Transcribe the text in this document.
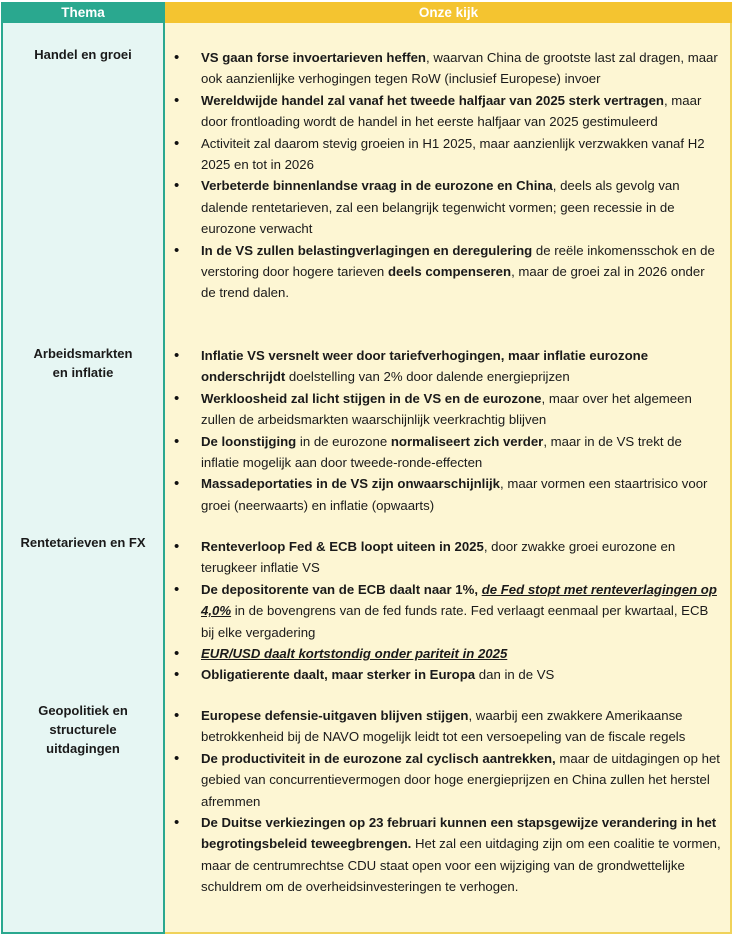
Thema	Onze kijk
Handel en groei
Arbeidsmarkten en inflatie
Rentetarieven en FX
Geopolitiek en structurele uitdagingen
• VS gaan forse invoertarieven heffen, waarvan China de grootste last zal dragen, maar ook aanzienlijke verhogingen tegen RoW (inclusief Europese) invoer
• Wereldwijde handel zal vanaf het tweede halfjaar van 2025 sterk vertragen, maar door frontloading wordt de handel in het eerste halfjaar van 2025 gestimuleerd
• Activiteit zal daarom stevig groeien in H1 2025, maar aanzienlijk verzwakken vanaf H2 2025 en tot in 2026
• Verbeterde binnenlandse vraag in de eurozone en China, deels als gevolg van dalende rentetarieven, zal een belangrijk tegenwicht vormen; geen recessie in de eurozone verwacht
• In de VS zullen belastingverlagingen en deregulering de reële inkomensschok en de verstoring door hogere tarieven deels compenseren, maar de groei zal in 2026 onder de trend dalen.
• Inflatie VS versnelt weer door tariefverhogingen, maar inflatie eurozone onderschrijdt doelstelling van 2% door dalende energieprijzen
• Werkloosheid zal licht stijgen in de VS en de eurozone, maar over het algemeen zullen de arbeidsmarkten waarschijnlijk veerkrachtig blijven
• De loonstijging in de eurozone normaliseert zich verder, maar in de VS trekt de inflatie mogelijk aan door tweede-ronde-effecten
• Massadeportaties in de VS zijn onwaarschijnlijk, maar vormen een staartrisico voor groei (neerwaarts) en inflatie (opwaarts)
• Renteverloop Fed & ECB loopt uiteen in 2025, door zwakke groei eurozone en terugkeer inflatie VS
• De depositorente van de ECB daalt naar 1%, de Fed stopt met renteverlagingen op 4,0% in de bovengrens van de fed funds rate. Fed verlaagt eenmaal per kwartaal, ECB bij elke vergadering
• EUR/USD daalt kortstondig onder pariteit in 2025
• Obligatierente daalt, maar sterker in Europa dan in de VS
• Europese defensie-uitgaven blijven stijgen, waarbij een zwakkere Amerikaanse betrokkenheid bij de NAVO mogelijk leidt tot een versoepeling van de fiscale regels
• De productiviteit in de eurozone zal cyclisch aantrekken, maar de uitdagingen op het gebied van concurrentievermogen door hoge energieprijzen en China zullen het herstel afremmen
• De Duitse verkiezingen op 23 februari kunnen een stapsgewijze verandering in het begrotingsbeleid teweegbrengen. Het zal een uitdaging zijn om een coalitie te vormen, maar de centrumrechtse CDU staat open voor een wijziging van de grondwettelijke schuldrem om de overheidsinvesteringen te verhogen.
